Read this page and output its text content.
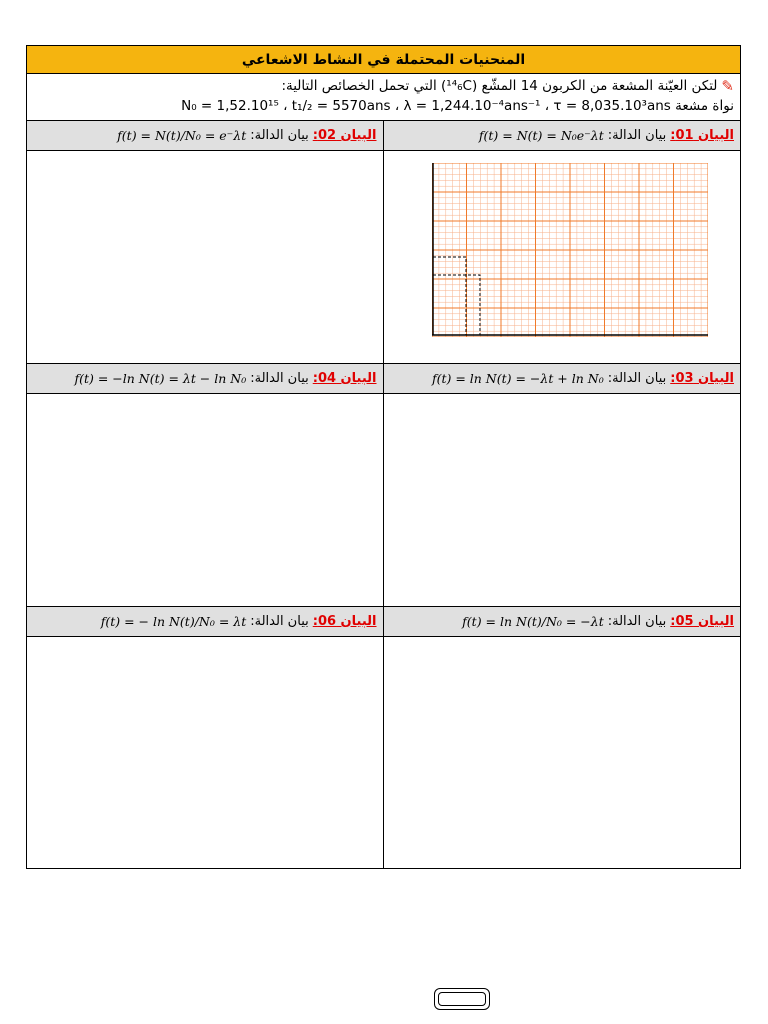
المنحنيات المحتملة في النشاط الاشعاعي
✎
لتكن العيّنة المشعة من الكربون 14 المشّع (¹⁴₆C) التي تحمل الخصائص التالية:
نواة مشعة N₀ = 1,52.10¹⁵ ، t₁/₂ = 5570ans ، λ = 1,244.10⁻⁴ans⁻¹ ، τ = 8,035.10³ans
البيان 02:
بيان الدالة:
f(t) = N(t)/N₀ = e⁻λt	البيان 01:
بيان الدالة:
f(t) = N(t) = N₀e⁻λt
البيان 04:
بيان الدالة:
f(t) = −ln N(t) = λt − ln N₀	البيان 03:
بيان الدالة:
f(t) = ln N(t) = −λt + ln N₀
البيان 06:
بيان الدالة:
f(t) = − ln N(t)/N₀ = λt	البيان 05:
بيان الدالة:
f(t) = ln N(t)/N₀ = −λt
